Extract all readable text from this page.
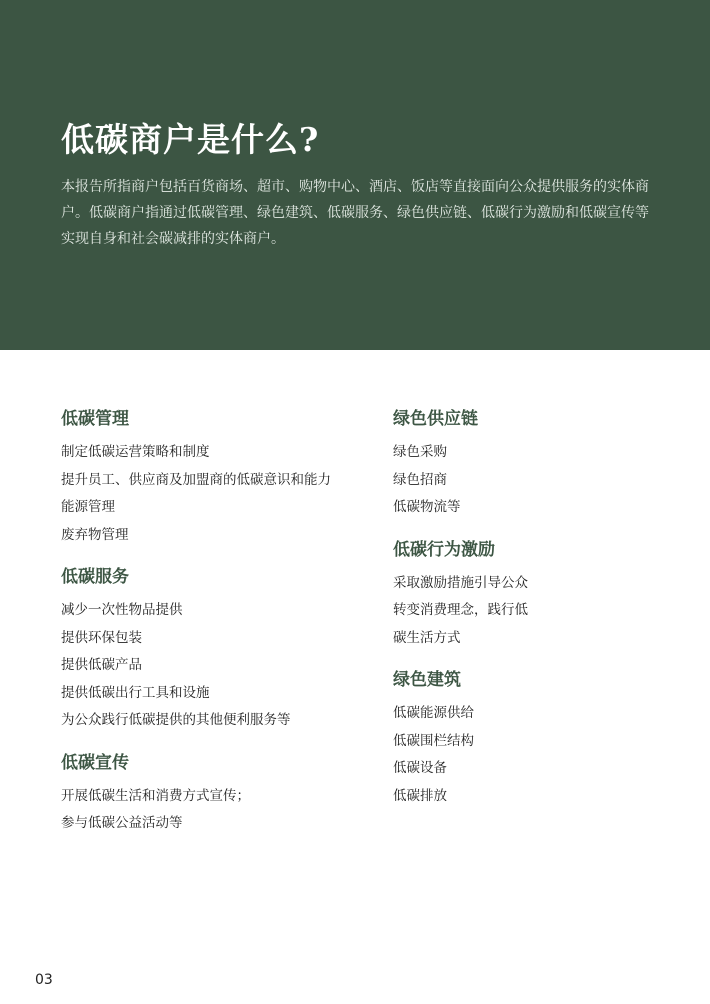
低碳商户是什么?

本报告所指商户包括百货商场、超市、购物中心、酒店、饭店等直接面向公众提供服务的实体商户。低碳商户指通过低碳管理、绿色建筑、低碳服务、绿色供应链、低碳行为激励和低碳宣传等实现自身和社会碳减排的实体商户。

低碳管理
制定低碳运营策略和制度
提升员工、供应商及加盟商的低碳意识和能力
能源管理
废弃物管理
低碳服务
减少一次性物品提供
提供环保包装
提供低碳产品
提供低碳出行工具和设施
为公众践行低碳提供的其他便利服务等
低碳宣传
开展低碳生活和消费方式宣传；
参与低碳公益活动等
绿色供应链
绿色采购
绿色招商
低碳物流等
低碳行为激励
采取激励措施引导公众
转变消费理念，践行低
碳生活方式
绿色建筑
低碳能源供给
低碳围栏结构
低碳设备
低碳排放
03
